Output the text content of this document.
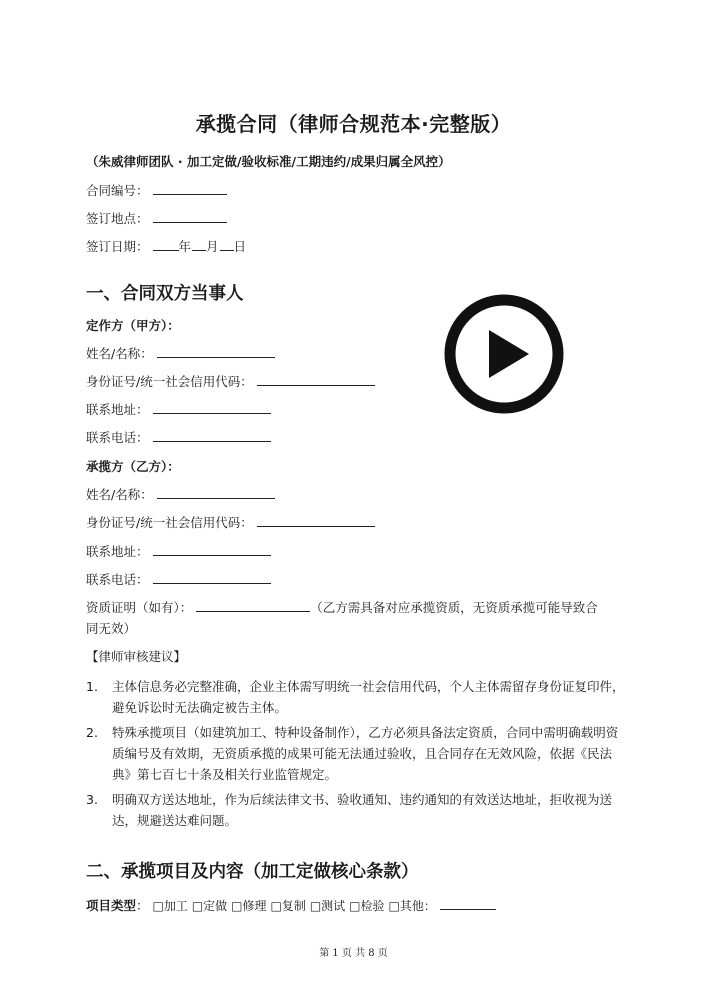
承揽合同（律师合规范本·完整版）
（朱威律师团队 · 加工定做/验收标准/工期违约/成果归属全风控）
合同编号：
签订地点：
签订日期： 年 月 日
一、合同双方当事人
定作方（甲方）：
姓名/名称：
身份证号/统一社会信用代码：
联系地址：
联系电话：
承揽方（乙方）：
姓名/名称：
身份证号/统一社会信用代码：
联系地址：
联系电话：
资质证明（如有）：	（乙方需具备对应承揽资质，无资质承揽可能导致合
同无效）
【律师审核建议】
1. 主体信息务必完整准确，企业主体需写明统一社会信用代码，个人主体需留存身份证复印件，避免诉讼时无法确定被告主体。
2. 特殊承揽项目（如建筑加工、特种设备制作），乙方必须具备法定资质，合同中需明确载明资质编号及有效期，无资质承揽的成果可能无法通过验收，且合同存在无效风险，依据《民法典》第七百七十条及相关行业监管规定。
3. 明确双方送达地址，作为后续法律文书、验收通知、违约通知的有效送达地址，拒收视为送达，规避送达难问题。
二、承揽项目及内容（加工定做核心条款）
项目类型： □加工 □定做 □修理 □复制 □测试 □检验 □其他：
第 1 页 共 8 页
